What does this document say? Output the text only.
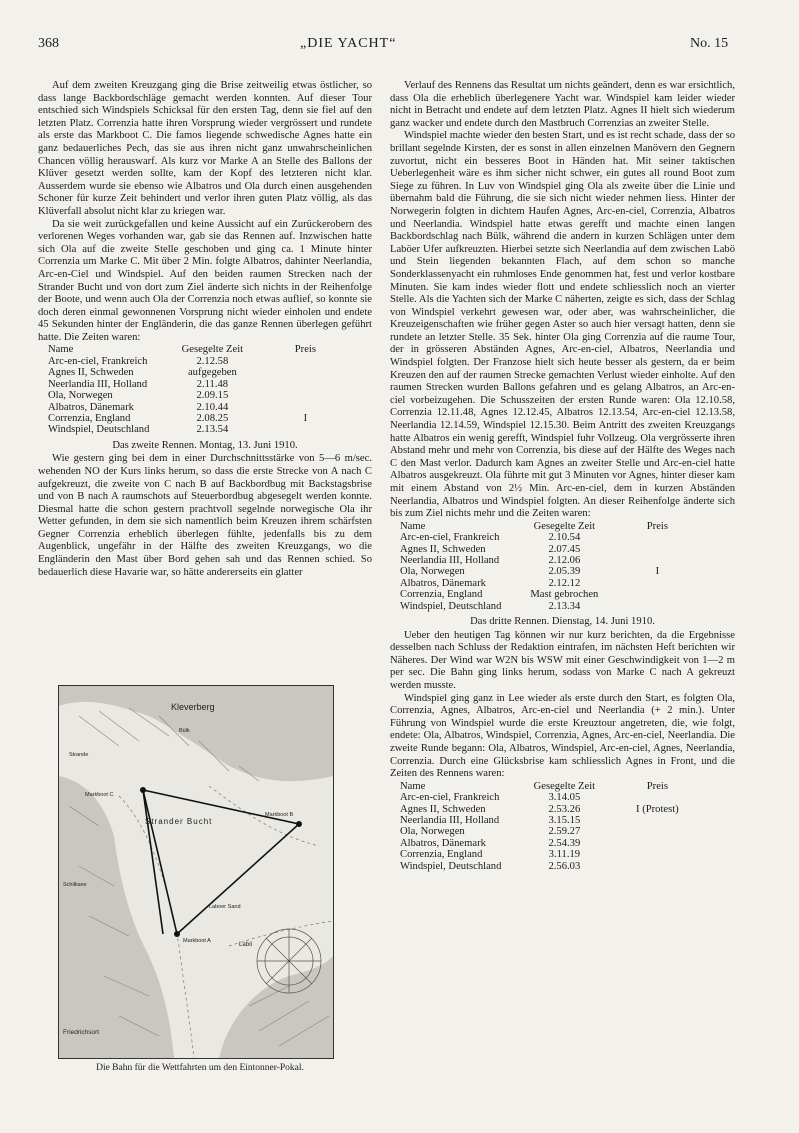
368	„DIE YACHT“	No. 15

Auf dem zweiten Kreuzgang ging die Brise zeitweilig etwas östlicher, so dass lange Backbordschläge gemacht werden konnten. Auf dieser Tour entschied sich Windspiels Schicksal für den ersten Tag, denn sie fiel auf den letzten Platz. Correnzia hatte ihren Vorsprung wieder vergrössert und rundete als erste das Markboot C. Die famos liegende schwedische Agnes hatte ein ganz bedauerliches Pech, das sie aus ihren nicht ganz unwahrscheinlichen Chancen völlig herauswarf. Als kurz vor Marke A an Stelle des Ballons der Klüver gesetzt werden sollte, kam der Kopf des letzteren nicht klar. Ausserdem wurde sie ebenso wie Albatros und Ola durch einen ausgehenden Schoner für kurze Zeit behindert und verlor ihren guten Platz völlig, als das Klüverfall absolut nicht klar zu kriegen war.

Da sie weit zurückgefallen und keine Aussicht auf ein Zurückerobern des verlorenen Weges vorhanden war, gab sie das Rennen auf. Inzwischen hatte sich Ola auf die zweite Stelle geschoben und ging ca. 1 Minute hinter Correnzia um Marke C. Mit über 2 Min. folgte Albatros, dahinter Neerlandia, Arc-en-Ciel und Windspiel. Auf den beiden raumen Strecken nach der Strander Bucht und von dort zum Ziel änderte sich nichts in der Reihenfolge der Boote, und wenn auch Ola der Correnzia noch etwas auflief, so konnte sie doch deren einmal gewonnenen Vorsprung nicht wieder einholen und endete 45 Sekunden hinter der Engländerin, die das ganze Rennen überlegen geführt hatte. Die Zeiten waren:

Name	Gesegelte Zeit	Preis
Arc-en-ciel, Frankreich	2.12.58	
Agnes II, Schweden	aufgegeben	
Neerlandia III, Holland	2.11.48	
Ola, Norwegen	2.09.15	
Albatros, Dänemark	2.10.44	
Correnzia, England	2.08.25	I
Windspiel, Deutschland	2.13.54	

Das zweite Rennen. Montag, 13. Juni 1910.

Wie gestern ging bei dem in einer Durchschnittsstärke von 5—6 m/sec. wehenden NO der Kurs links herum, so dass die erste Strecke von A nach C aufgekreuzt, die zweite von C nach B auf Backbordbug mit Backstagsbrise und von B nach A raumschots auf Steuerbordbug abgesegelt werden konnte. Diesmal hatte die schon gestern prachtvoll segelnde norwegische Ola ihr Wetter gefunden, in dem sie sich namentlich beim Kreuzen ihrem schärfsten Gegner Correnzia erheblich überlegen fühlte, jedenfalls bis zu dem Augenblick, ungefähr in der Hälfte des zweiten Kreuzgangs, wo die Engländerin den Mast über Bord gehen sah und das Rennen schied. So bedauerlich diese Havarie war, so hätte andererseits ein glatter

Kleverberg
Strander Bucht
Markboot C
Markboot B
Markboot A
Labö
Friedrichsort
Strande
Bülk
Laboer Sand
Schilksee
Die Bahn für die Wettfahrten um den Eintonner-Pokal.

Verlauf des Rennens das Resultat um nichts geändert, denn es war ersichtlich, dass Ola die erheblich überlegenere Yacht war. Windspiel kam leider wieder nicht in Betracht und endete auf dem letzten Platz. Agnes II hielt sich wiederum ganz wacker und endete durch den Mastbruch Correnzias an zweiter Stelle.

Windspiel machte wieder den besten Start, und es ist recht schade, dass der so brillant segelnde Kirsten, der es sonst in allen einzelnen Manövern den Gegnern zuvortut, nicht ein besseres Boot in Händen hat. Mit seiner taktischen Ueberlegenheit wäre es ihm sicher nicht schwer, ein gutes all round Boot zum Siege zu führen. In Luv von Windspiel ging Ola als zweite über die Linie und übernahm bald die Führung, die sie sich nicht wieder nehmen liess. Hinter der Norwegerin folgten in dichtem Haufen Agnes, Arc-en-ciel, Correnzia, Albatros und Neerlandia. Windspiel hatte etwas gerefft und machte einen langen Backbordschlag nach Bülk, während die andern in kurzen Schlägen unter dem Laböer Ufer aufkreuzten. Hierbei setzte sich Neerlandia auf dem zwischen Labö und Stein liegenden bekannten Flach, auf dem schon so manche Sonderklassenyacht ein ruhmloses Ende genommen hat, fest und verlor kostbare Minuten. Sie kam indes wieder flott und endete schliesslich noch an vierter Stelle. Als die Yachten sich der Marke C näherten, zeigte es sich, dass der Schlag von Windspiel verkehrt gewesen war, oder aber, was wahrscheinlicher, die Kreuzeigenschaften wie früher gegen Aster so auch hier versagt hatten, denn sie rundete an letzter Stelle. 35 Sek. hinter Ola ging Correnzia auf die raume Tour, der in grösseren Abständen Agnes, Arc-en-ciel, Albatros, Neerlandia und Windspiel folgten. Der Franzose hielt sich heute besser als gestern, da er beim Kreuzen den auf der raumen Strecke gemachten Verlust wieder einholte. Auf den raumen Strecken wurden Ballons gefahren und es gelang Albatros, an Arc-en-ciel vorbeizugehen. Die Schusszeiten der ersten Runde waren: Ola 12.10.58, Correnzia 12.11.48, Agnes 12.12.45, Albatros 12.13.54, Arc-en-ciel 12.13.58, Neerlandia 12.14.59, Windspiel 12.15.30. Beim Antritt des zweiten Kreuzgangs hatte Albatros ein wenig gerefft, Windspiel fuhr Vollzeug. Ola vergrösserte ihren Abstand mehr und mehr von Correnzia, bis diese auf der Hälfte des Weges nach C den Mast verlor. Dadurch kam Agnes an zweiter Stelle und Arc-en-ciel hatte Albatros ausgekreuzt. Ola führte mit gut 3 Minuten vor Agnes, hinter dieser kam mit einem Abstand von 2½ Min. Arc-en-ciel, dem in kurzen Abständen Neerlandia, Albatros und Windspiel folgten. An dieser Reihenfolge änderte sich bis zum Ziel nichts mehr und die Zeiten waren:

Name	Gesegelte Zeit	Preis
Arc-en-ciel, Frankreich	2.10.54	
Agnes II, Schweden	2.07.45	
Neerlandia III, Holland	2.12.06	
Ola, Norwegen	2.05.39	I
Albatros, Dänemark	2.12.12	
Correnzia, England	Mast gebrochen	
Windspiel, Deutschland	2.13.34	

Das dritte Rennen. Dienstag, 14. Juni 1910.

Ueber den heutigen Tag können wir nur kurz berichten, da die Ergebnisse desselben nach Schluss der Redaktion eintrafen, im nächsten Heft berichten wir Näheres. Der Wind war W2N bis WSW mit einer Geschwindigkeit von 1—2 m per sec. Die Bahn ging links herum, sodass von Marke C nach A gekreuzt werden musste.

Windspiel ging ganz in Lee wieder als erste durch den Start, es folgten Ola, Correnzia, Agnes, Albatros, Arc-en-ciel und Neerlandia (+ 2 min.). Unter Führung von Windspiel wurde die erste Kreuztour angetreten, die, wie folgt, endete: Ola, Albatros, Windspiel, Correnzia, Agnes, Arc-en-ciel, Neerlandia. Die zweite Runde begann: Ola, Albatros, Windspiel, Arc-en-ciel, Agnes, Neerlandia, Correnzia. Durch eine Glücksbrise kam schliesslich Agnes in Front, und die Zeiten des Rennens waren:

Name	Gesegelte Zeit	Preis
Arc-en-ciel, Frankreich	3.14.05	
Agnes II, Schweden	2.53.26	I (Protest)
Neerlandia III, Holland	3.15.15	
Ola, Norwegen	2.59.27	
Albatros, Dänemark	2.54.39	
Correnzia, England	3.11.19	
Windspiel, Deutschland	2.56.03	
